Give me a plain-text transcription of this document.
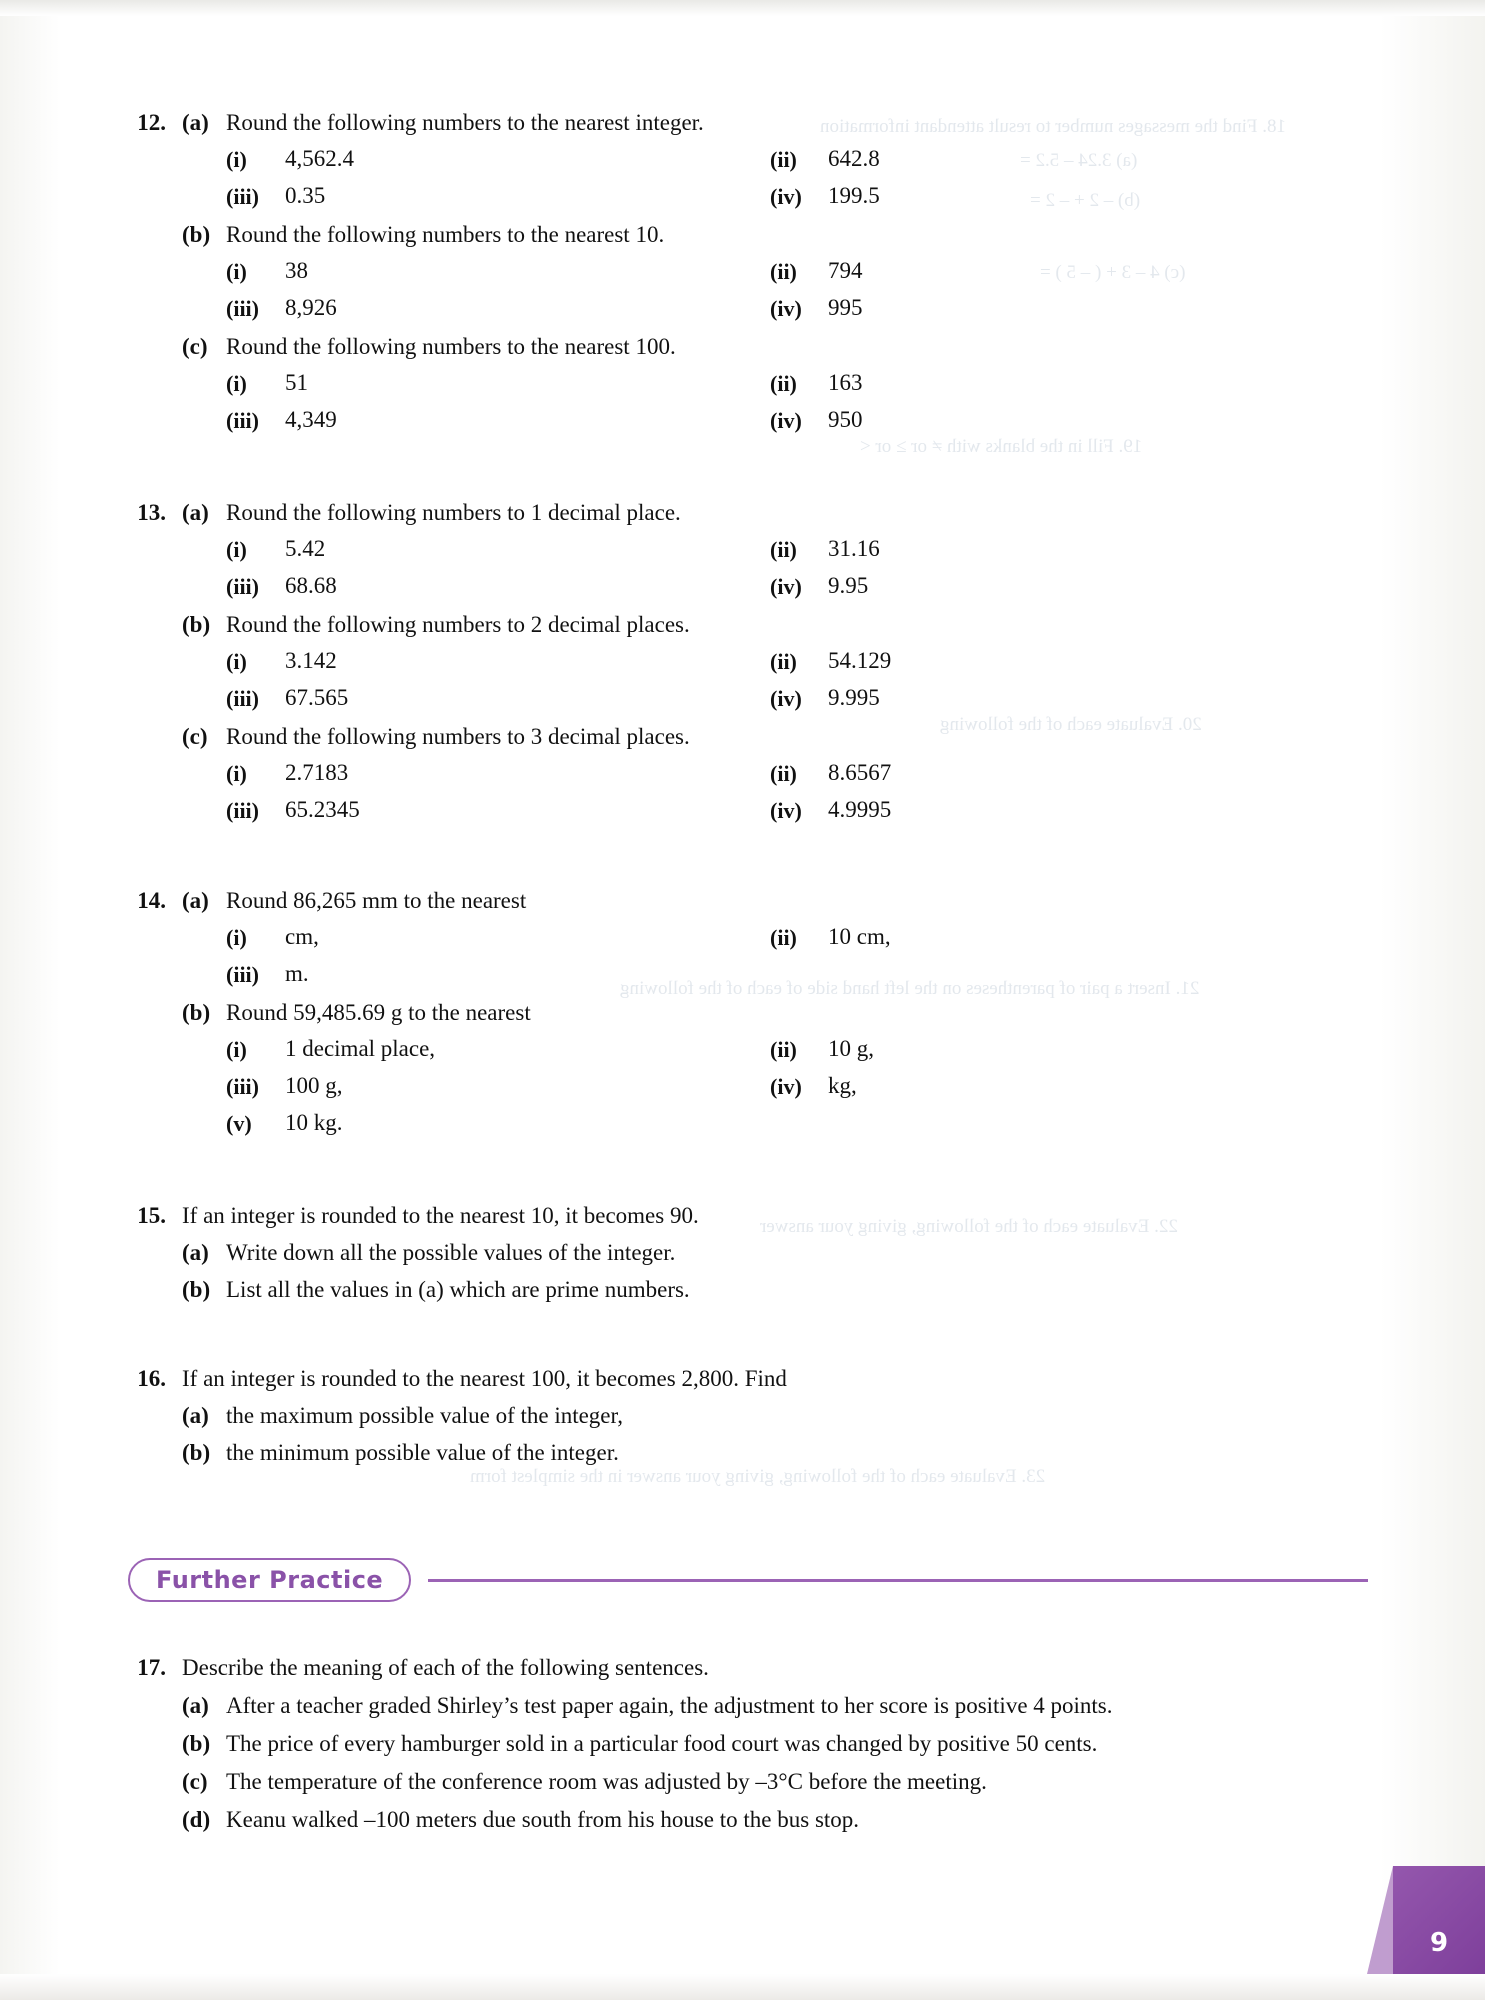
18. Find the messages number to result attendant information
(a) 3.24 – 5.2 =
(b) – 2 + – 2 =
(c) 4 – 3 + ( – 5 ) =
19. Fill in the blanks with ≠ or ≥ or <
20. Evaluate each of the following
21. Insert a pair of parentheses on the left hand side of each of the following
22. Evaluate each of the following, giving your answer
23. Evaluate each of the following, giving your answer in the simplest form
12. (a) Round the following numbers to the nearest integer.
(i) 4,562.4	(ii) 642.8
(iii) 0.35	(iv) 199.5
(b) Round the following numbers to the nearest 10.
(i) 38	(ii) 794
(iii) 8,926	(iv) 995
(c) Round the following numbers to the nearest 100.
(i) 51	(ii) 163
(iii) 4,349	(iv) 950
13. (a) Round the following numbers to 1 decimal place.
(i) 5.42	(ii) 31.16
(iii) 68.68	(iv) 9.95
(b) Round the following numbers to 2 decimal places.
(i) 3.142	(ii) 54.129
(iii) 67.565	(iv) 9.995
(c) Round the following numbers to 3 decimal places.
(i) 2.7183	(ii) 8.6567
(iii) 65.2345	(iv) 4.9995
14. (a) Round 86,265 mm to the nearest
(i) cm,	(ii) 10 cm,
(iii) m.
(b) Round 59,485.69 g to the nearest
(i) 1 decimal place,	(ii) 10 g,
(iii) 100 g,	(iv) kg,
(v) 10 kg.
15. If an integer is rounded to the nearest 10, it becomes 90.
(a) Write down all the possible values of the integer.
(b) List all the values in (a) which are prime numbers.
16. If an integer is rounded to the nearest 100, it becomes 2,800. Find
(a) the maximum possible value of the integer,
(b) the minimum possible value of the integer.
Further Practice
17. Describe the meaning of each of the following sentences.
(a) After a teacher graded Shirley’s test paper again, the adjustment to her score is positive 4 points.
(b) The price of every hamburger sold in a particular food court was changed by positive 50 cents.
(c) The temperature of the conference room was adjusted by –3°C before the meeting.
(d) Keanu walked –100 meters due south from his house to the bus stop.
9
